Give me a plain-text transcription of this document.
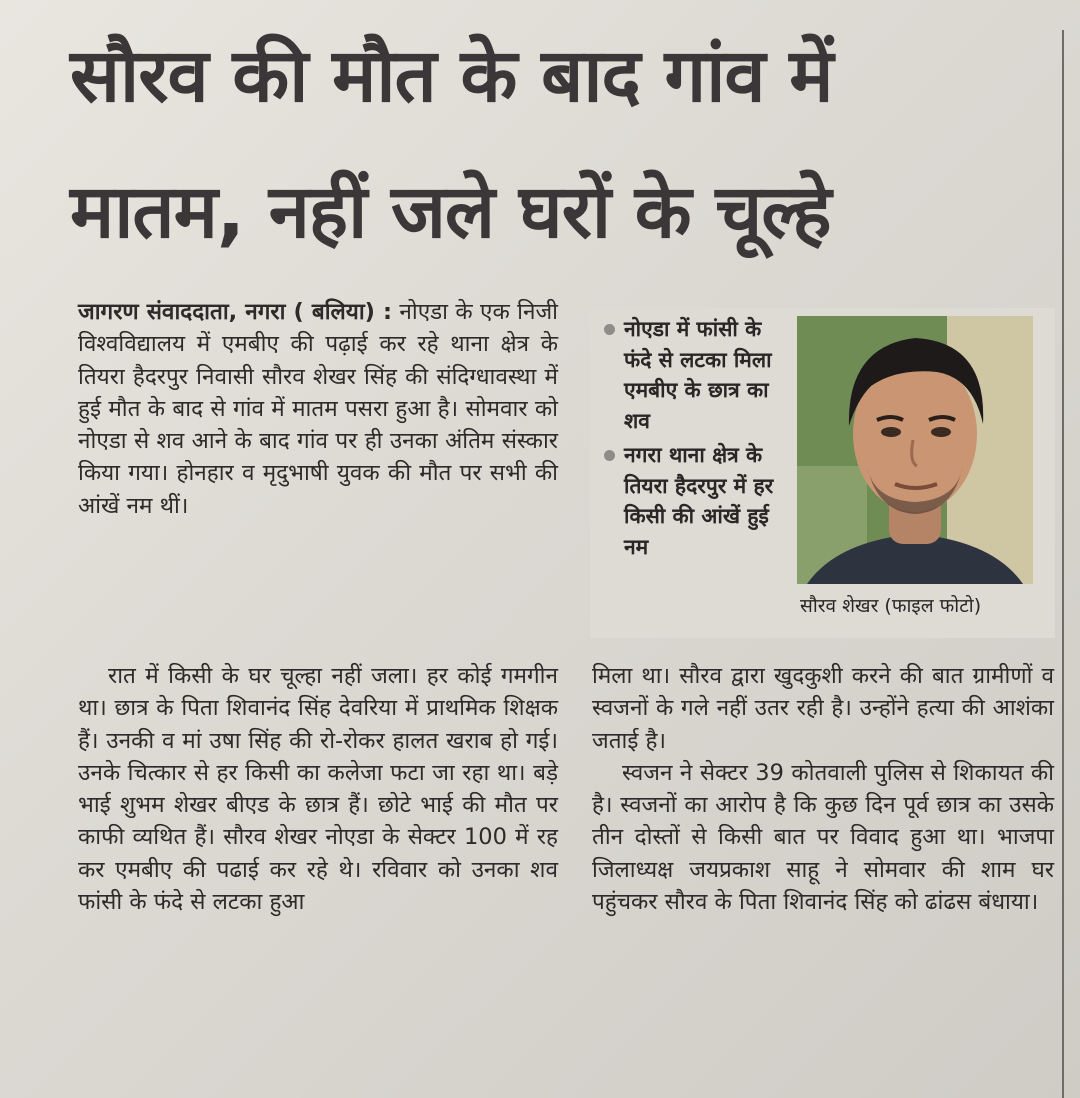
सौरव की मौत के बाद गांव में
मातम, नहीं जले घरों के चूल्हे

जागरण संवाददाता, नगरा ( बलिया) : नोएडा के एक निजी विश्वविद्यालय में एमबीए की पढ़ाई कर रहे थाना क्षेत्र के तियरा हैदरपुर निवासी सौरव शेखर सिंह की संदिग्धावस्था में हुई मौत के बाद से गांव में मातम पसरा हुआ है। सोमवार को नोएडा से शव आने के बाद गांव पर ही उनका अंतिम संस्कार किया गया। होनहार व मृदुभाषी युवक की मौत पर सभी की आंखें नम थीं।

नोएडा में फांसी के फंदे से लटका मिला एमबीए के छात्र का शव
नगरा थाना क्षेत्र के तियरा हैदरपुर में हर किसी की आंखें हुई नम
सौरव शेखर (फाइल फोटो)

रात में किसी के घर चूल्हा नहीं जला। हर कोई गमगीन था। छात्र के पिता शिवानंद सिंह देवरिया में प्राथमिक शिक्षक हैं। उनकी व मां उषा सिंह की रो-रोकर हालत खराब हो गई। उनके चित्कार से हर किसी का कलेजा फटा जा रहा था। बड़े भाई शुभम शेखर बीएड के छात्र हैं। छोटे भाई की मौत पर काफी व्यथित हैं। सौरव शेखर नोएडा के सेक्टर 100 में रह कर एमबीए की पढाई कर रहे थे। रविवार को उनका शव फांसी के फंदे से लटका हुआ

मिला था। सौरव द्वारा खुदकुशी करने की बात ग्रामीणों व स्वजनों के गले नहीं उतर रही है। उन्होंने हत्या की आशंका जताई है।

स्वजन ने सेक्टर 39 कोतवाली पुलिस से शिकायत की है। स्वजनों का आरोप है कि कुछ दिन पूर्व छात्र का उसके तीन दोस्तों से किसी बात पर विवाद हुआ था। भाजपा जिलाध्यक्ष जयप्रकाश साहू ने सोमवार की शाम घर पहुंचकर सौरव के पिता शिवानंद सिंह को ढांढस बंधाया।
